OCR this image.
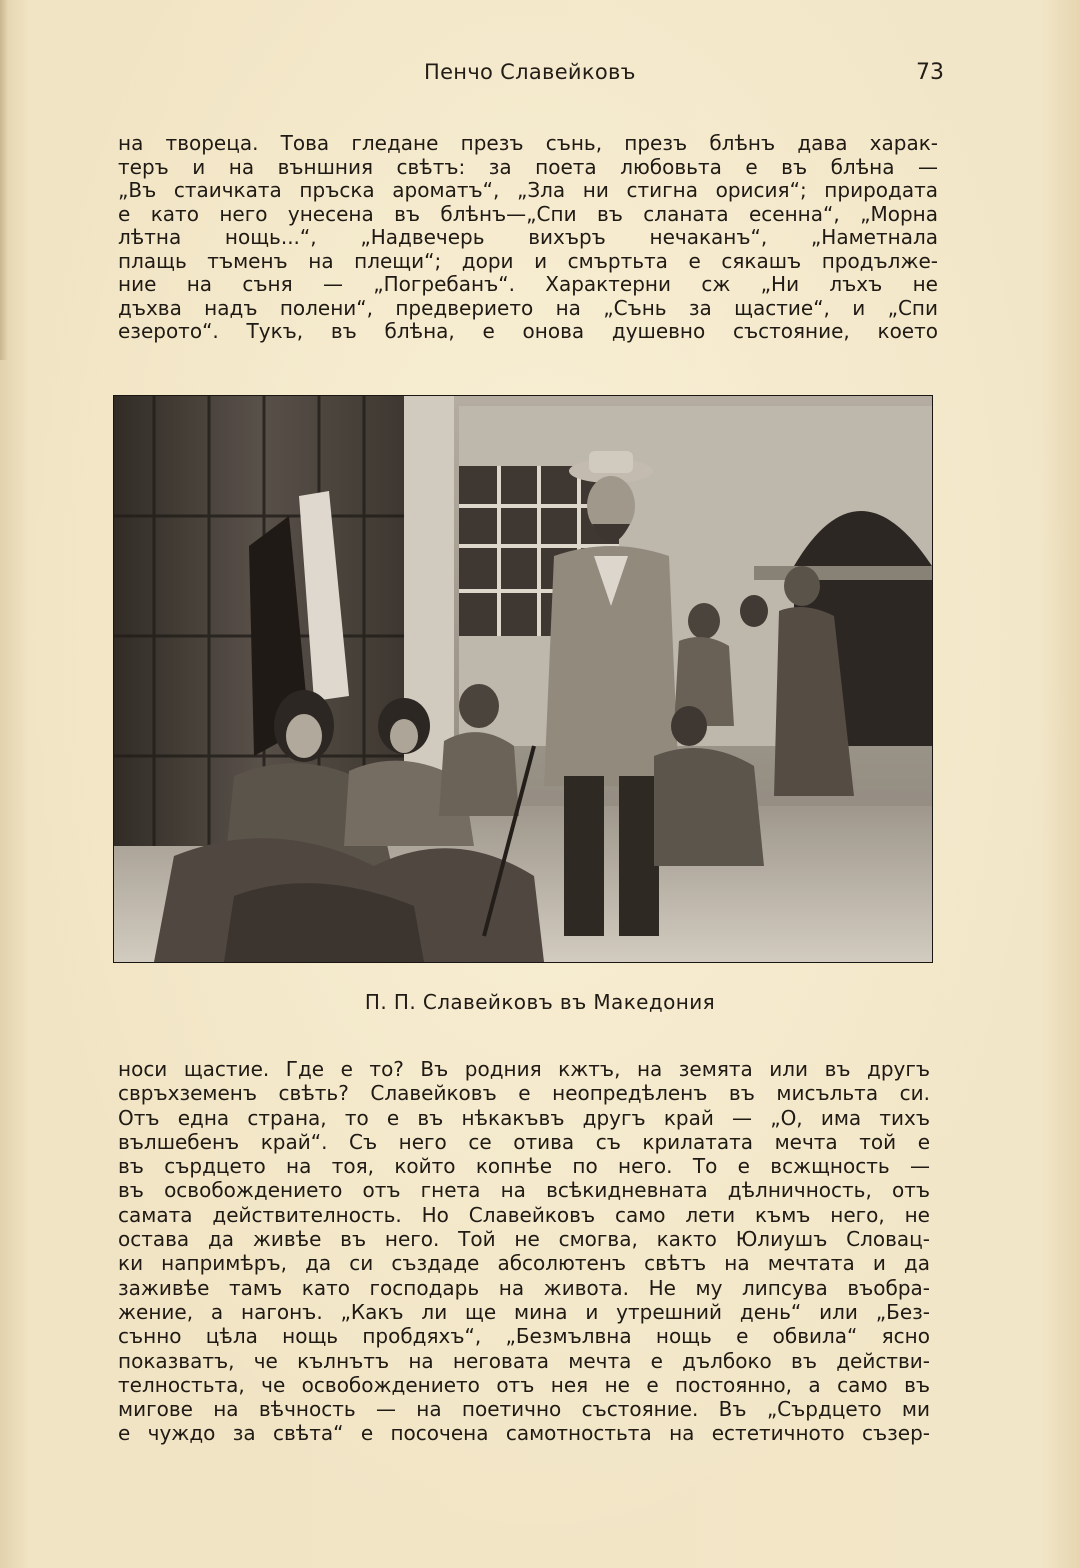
Пенчо Славейковъ	73
на твореца. Това гледане презъ сънь, презъ блѣнъ дава харак-
теръ и на външния свѣтъ: за поета любовьта е въ блѣна —
„Въ стаичката пръска ароматъ“, „Зла ни стигна орисия“; природата
е като него унесена въ блѣнъ—„Спи въ сланата есенна“, „Морна
лѣтна нощь...“, „Надвечерь вихъръ нечаканъ“, „Наметнала
плащь тъменъ на плещи“; дори и смъртьта е сякашъ продълже-
ние на съня — „Погребанъ“. Характерни сж „Ни лъхъ не
дъхва надъ полени“, предверието на „Сънь за щастие“, и „Спи
езерото“. Тукъ, въ блѣна, е онова душевно състояние, което
П. П. Славейковъ въ Македония
носи щастие. Где е то? Въ родния кжтъ, на земята или въ другъ
свръхземенъ свѣть? Славейковъ е неопредѣленъ въ мисъльта си.
Отъ една страна, то е въ нѣкакъвъ другъ край — „О, има тихъ
вълшебенъ край“. Съ него се отива съ крилатата мечта той е
въ сърдцето на тоя, който копнѣе по него. То е всжщность —
въ освобождението отъ гнета на всѣкидневната дѣлничность, отъ
самата действителность. Но Славейковъ само лети къмъ него, не
остава да живѣе въ него. Той не смогва, както Юлиушъ Словац-
ки напримѣръ, да си създаде абсолютенъ свѣтъ на мечтата и да
заживѣе тамъ като господарь на живота. Не му липсува въобра-
жение, а нагонъ. „Какъ ли ще мина и утрешний день“ или „Без-
сънно цѣла нощь пробдяхъ“, „Безмълвна нощь е обвила“ ясно
показватъ, че кълнътъ на неговата мечта е дълбоко въ действи-
телностьта, че освобождението отъ нея не е постоянно, а само въ
мигове на вѣчность — на поетично състояние. Въ „Сърдцето ми
е чуждо за свѣта“ е посочена самотностьта на естетичното съзер-
